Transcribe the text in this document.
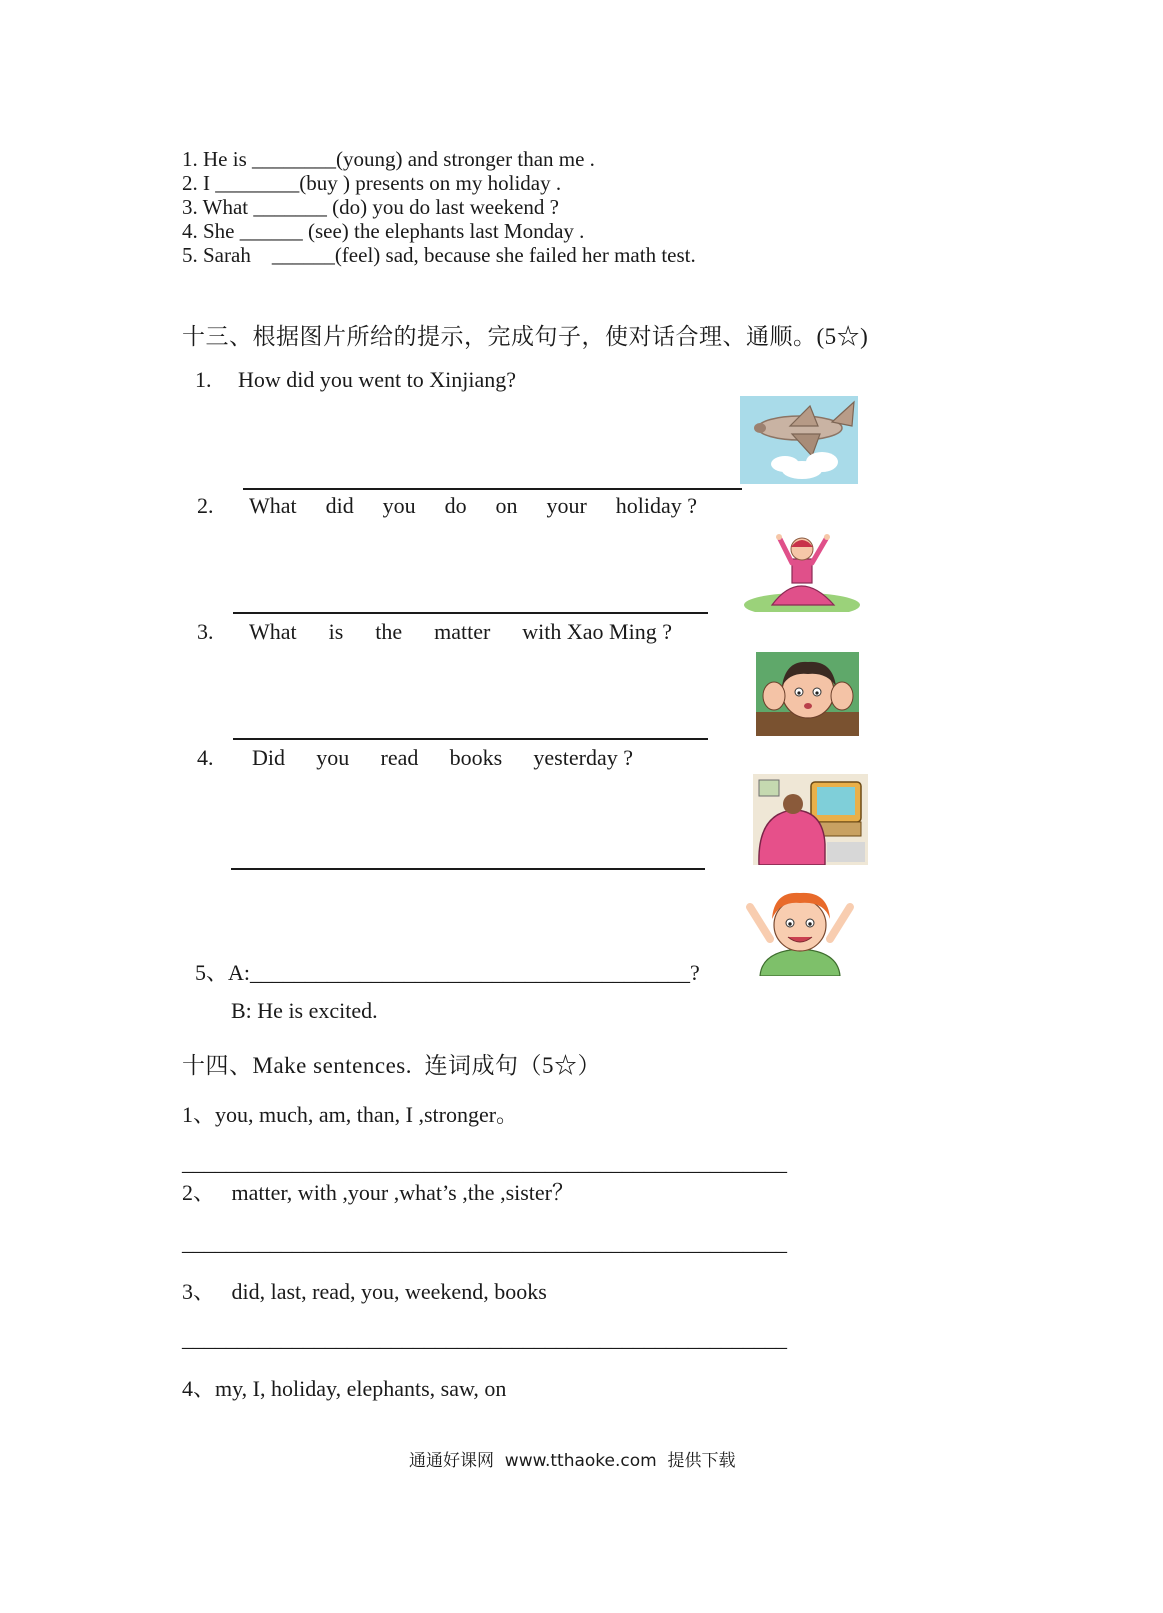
1. He is ________(young) and stronger than me .
2. I ________(buy ) presents on my holiday .
3. What _______ (do) you do last weekend ?
4. She ______ (see) the elephants last Monday .
5. Sarah    ______(feel) sad, because she failed her math test.
十三、根据图片所给的提示，完成句子，使对话合理、通顺。(5☆)
1. How did you went to Xinjiang?
2. What did you do on your holiday ?
3. What is the matter with Xao Ming ?
4. Did you read books yesterday ?
5、A:________________________________________?
B: He is excited.
十四、Make sentences.  连词成句（5☆）
1、you, much, am, than, I ,stronger。
_______________________________________________________
2、   matter, with ,your ,what’s ,the ,sister？
_______________________________________________________
3、   did, last, read, you, weekend, books
_______________________________________________________
4、my, I, holiday, elephants, saw, on
通通好课网  www.tthaoke.com  提供下载
